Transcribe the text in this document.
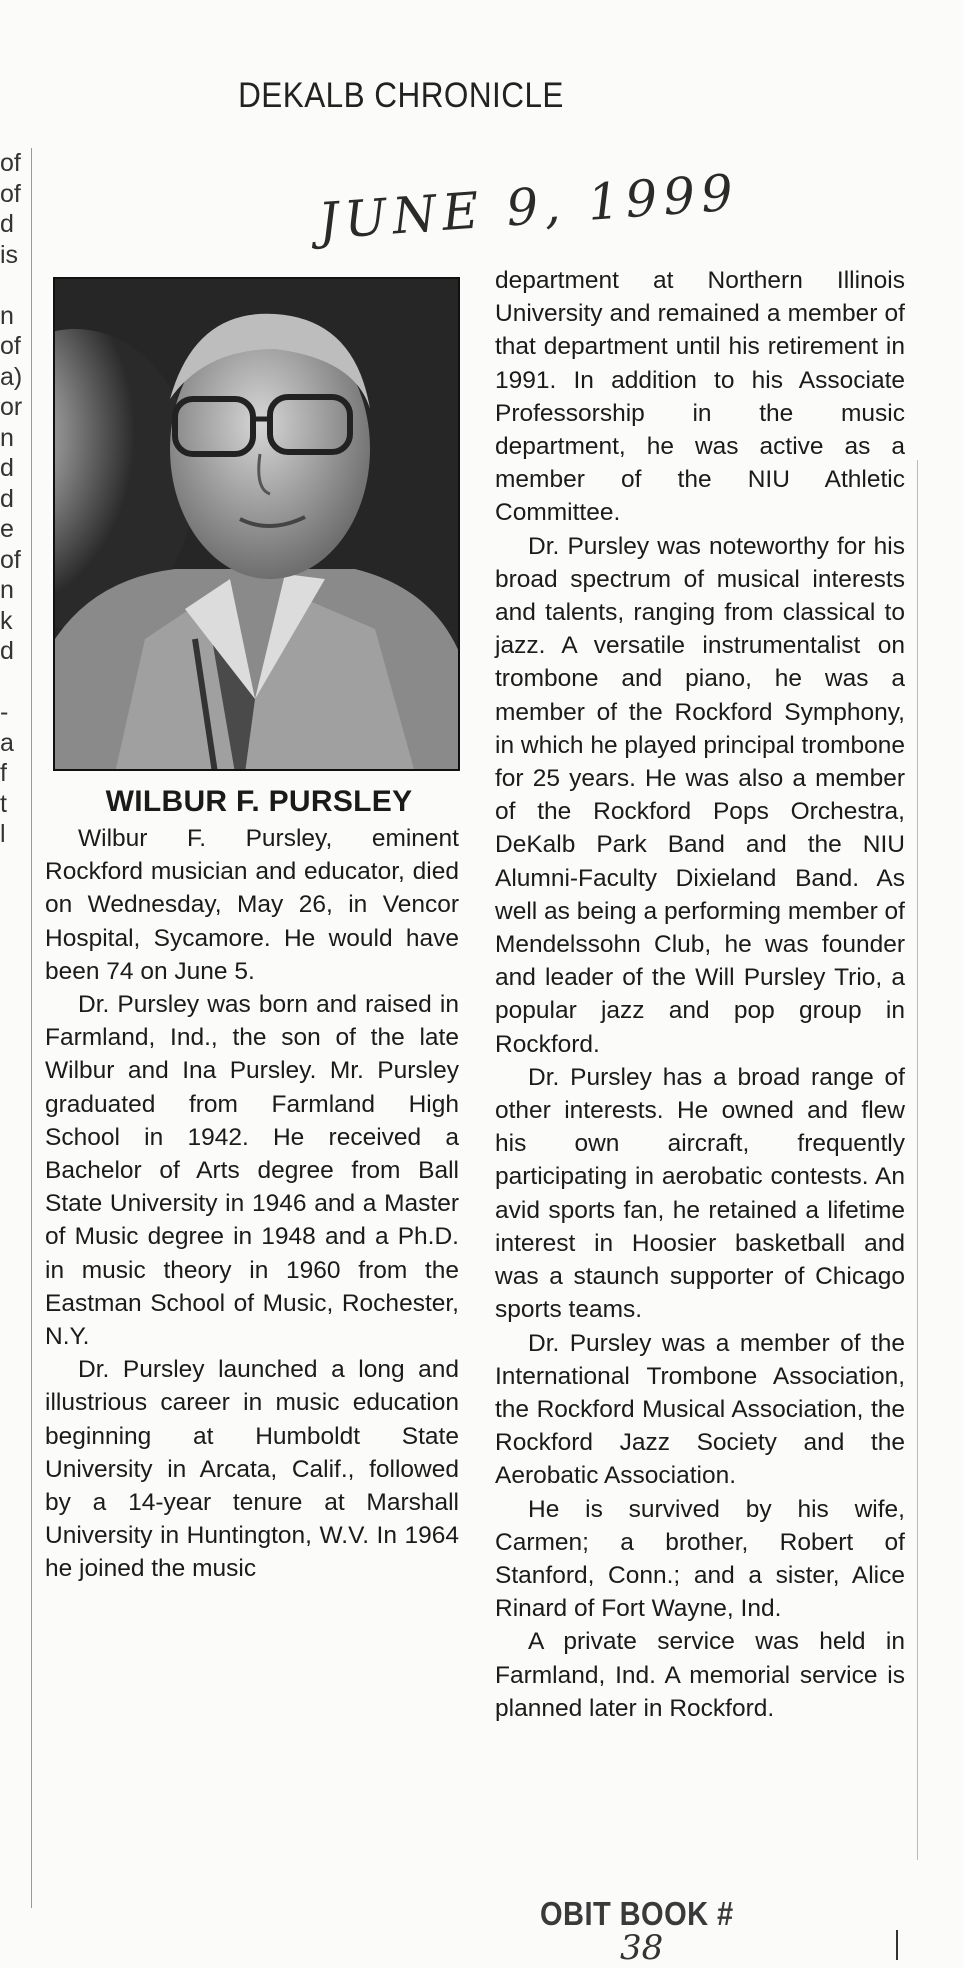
DEKALB CHRONICLE
JUNE 9, 1999
of
of
d
is
n
of
a)
or
n
d
d
e
of
n
k
d
-
a
f
t
l
WILBUR F. PURSLEY

Wilbur F. Pursley, eminent Rockford musician and educator, died on Wednesday, May 26, in Vencor Hospital, Sycamore. He would have been 74 on June 5.

Dr. Pursley was born and raised in Farmland, Ind., the son of the late Wilbur and Ina Pursley. Mr. Pursley graduated from Farmland High School in 1942. He received a Bachelor of Arts degree from Ball State University in 1946 and a Master of Music degree in 1948 and a Ph.D. in music theory in 1960 from the Eastman School of Music, Rochester, N.Y.

Dr. Pursley launched a long and illustrious career in music education beginning at Humboldt State University in Arcata, Calif., followed by a 14-year tenure at Marshall University in Huntington, W.V. In 1964 he joined the music

department at Northern Illinois University and remained a member of that department until his retirement in 1991. In addition to his Associate Professorship in the music department, he was active as a member of the NIU Athletic Committee.

Dr. Pursley was noteworthy for his broad spectrum of musical interests and talents, ranging from classical to jazz. A versatile instrumentalist on trombone and piano, he was a member of the Rockford Symphony, in which he played principal trombone for 25 years. He was also a member of the Rockford Pops Orchestra, DeKalb Park Band and the NIU Alumni-Faculty Dixieland Band. As well as being a performing member of Mendelssohn Club, he was founder and leader of the Will Pursley Trio, a popular jazz and pop group in Rockford.

Dr. Pursley has a broad range of other interests. He owned and flew his own aircraft, frequently participating in aerobatic contests. An avid sports fan, he retained a lifetime interest in Hoosier basketball and was a staunch supporter of Chicago sports teams.

Dr. Pursley was a member of the International Trombone Association, the Rockford Musical Association, the Rockford Jazz Society and the Aerobatic Association.

He is survived by his wife, Carmen; a brother, Robert of Stanford, Conn.; and a sister, Alice Rinard of Fort Wayne, Ind.

A private service was held in Farmland, Ind. A memorial service is planned later in Rockford.

OBIT BOOK #
38
